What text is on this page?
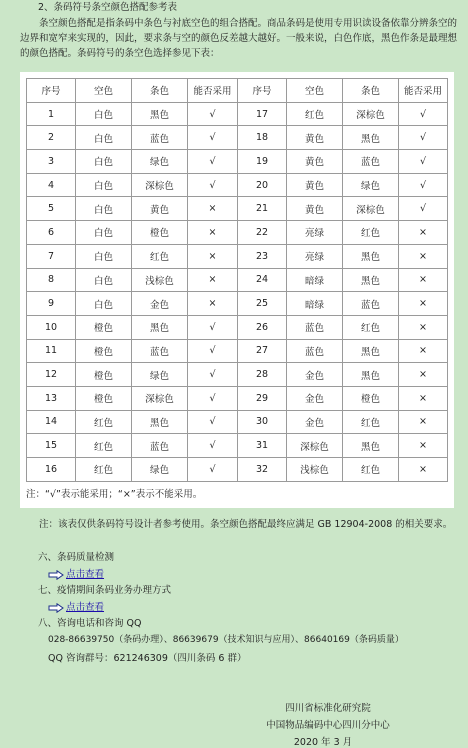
2、条码符号条空颜色搭配参考表
条空颜色搭配是指条码中条色与衬底空色的组合搭配。商品条码是使用专用识读设备依靠分辨条空的边界和宽窄来实现的，因此，要求条与空的颜色反差越大越好。一般来说，白色作底，黑色作条是最理想的颜色搭配。条码符号的条空色选择参见下表：
序号	空色	条色	能否采用	序号	空色	条色	能否采用
1	白色	黑色	√	17	红色	深棕色	√
2	白色	蓝色	√	18	黄色	黑色	√
3	白色	绿色	√	19	黄色	蓝色	√
4	白色	深棕色	√	20	黄色	绿色	√
5	白色	黄色	×	21	黄色	深棕色	√
6	白色	橙色	×	22	亮绿	红色	×
7	白色	红色	×	23	亮绿	黑色	×
8	白色	浅棕色	×	24	暗绿	黑色	×
9	白色	金色	×	25	暗绿	蓝色	×
10	橙色	黑色	√	26	蓝色	红色	×
11	橙色	蓝色	√	27	蓝色	黑色	×
12	橙色	绿色	√	28	金色	黑色	×
13	橙色	深棕色	√	29	金色	橙色	×
14	红色	黑色	√	30	金色	红色	×
15	红色	蓝色	√	31	深棕色	黑色	×
16	红色	绿色	√	32	浅棕色	红色	×
注：“√”表示能采用；“×”表示不能采用。
注：该表仅供条码符号设计者参考使用。条空颜色搭配最终应满足 GB 12904-2008 的相关要求。
六、条码质量检测
点击查看
七、疫情期间条码业务办理方式
点击查看
八、咨询电话和咨询 QQ
028-86639750（条码办理）、86639679（技术知识与应用）、86640169（条码质量）
QQ 咨询群号：621246309（四川条码 6 群）
四川省标准化研究院
中国物品编码中心四川分中心
2020 年 3 月
